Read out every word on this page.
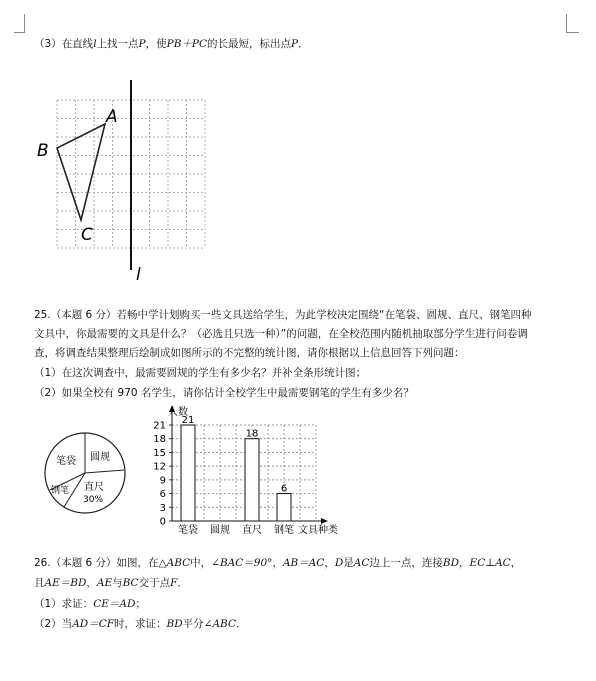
（3）在直线l上找一点P，使PB＋PC的长最短，标出点P．
A
B
C
l
25.（本题 6 分）若畅中学计划购买一些文具送给学生，为此学校决定围绕“在笔袋、圆规、直尺、钢笔四种
文具中，你最需要的文具是什么？（必选且只选一种）”的问题，在全校范围内随机抽取部分学生进行问卷调
查，将调查结果整理后绘制成如图所示的不完整的统计图，请你根据以上信息回答下列问题：
（1）在这次调查中，最需要圆规的学生有多少名？并补全条形统计图；
（2）如果全校有 970 名学生，请你估计全校学生中最需要钢笔的学生有多少名？
笔袋 圆规
钢笔 直尺
30%
0
3
6
9
12
15
18
21
人数
文具种类
21
笔袋 圆规
18
直尺
6
钢笔
26.（本题 6 分）如图，在△ABC中，∠BAC＝90°，AB＝AC，D是AC边上一点，连接BD，EC⊥AC，
且AE＝BD，AE与BC交于点F．
（1）求证：CE＝AD；
（2）当AD＝CF时，求证：BD平分∠ABC．
